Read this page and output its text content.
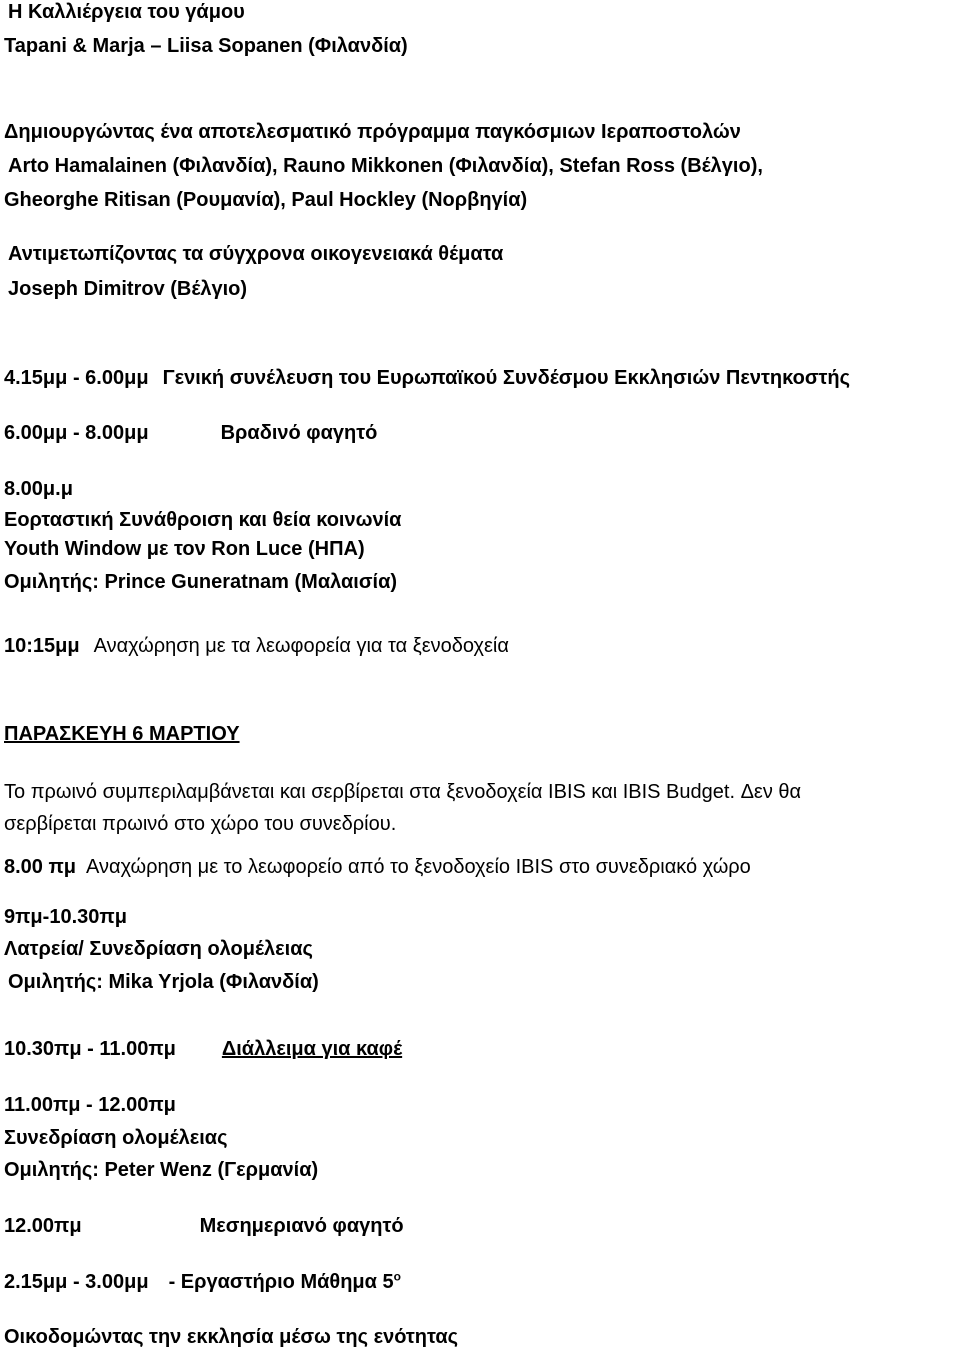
Η Καλλιέργεια του γάμου
Tapani & Marja – Liisa Sopanen (Φιλανδία)
Δημιουργώντας ένα αποτελεσματικό πρόγραμμα παγκόσμιων Ιεραποστολών
Arto Hamalainen (Φιλανδία), Rauno Mikkonen (Φιλανδία), Stefan Ross (Βέλγιο),
Gheorghe Ritisan (Ρουμανία), Paul Hockley (Νορβηγία)
Αντιμετωπίζοντας τα σύγχρονα οικογενειακά θέματα
Joseph Dimitrov (Βέλγιο)
4.15μμ - 6.00μμ Γενική συνέλευση του Ευρωπαϊκού Συνδέσμου Εκκλησιών Πεντηκοστής
6.00μμ - 8.00μμ	Βραδινό φαγητό
8.00μ.μ
Εορταστική Συνάθροιση και θεία κοινωνία
Youth Window με τον Ron Luce (ΗΠΑ)
Ομιλητής: Prince Guneratnam (Μαλαισία)
10:15μμ Αναχώρηση με τα λεωφορεία για τα ξενοδοχεία
ΠΑΡΑΣΚΕΥΗ 6 ΜΑΡΤΙΟΥ
Το πρωινό συμπεριλαμβάνεται και σερβίρεται στα ξενοδοχεία IBIS και IBIS Budget. Δεν θα
σερβίρεται πρωινό στο χώρο του συνεδρίου.
8.00 πμ Αναχώρηση με το λεωφορείο από το ξενοδοχείο IBIS στο συνεδριακό χώρο
9πμ-10.30πμ
Λατρεία/ Συνεδρίαση ολομέλειας
Ομιλητής: Mika Yrjola (Φιλανδία)
10.30πμ - 11.00πμ Διάλλειμα για καφέ
11.00πμ - 12.00πμ
Συνεδρίαση ολομέλειας
Ομιλητής: Peter Wenz (Γερμανία)
12.00πμ	Μεσημεριανό φαγητό
2.15μμ - 3.00μμ - Εργαστήριο Μάθημα $5^o$
Οικοδομώντας την εκκλησία μέσω της ενότητας
